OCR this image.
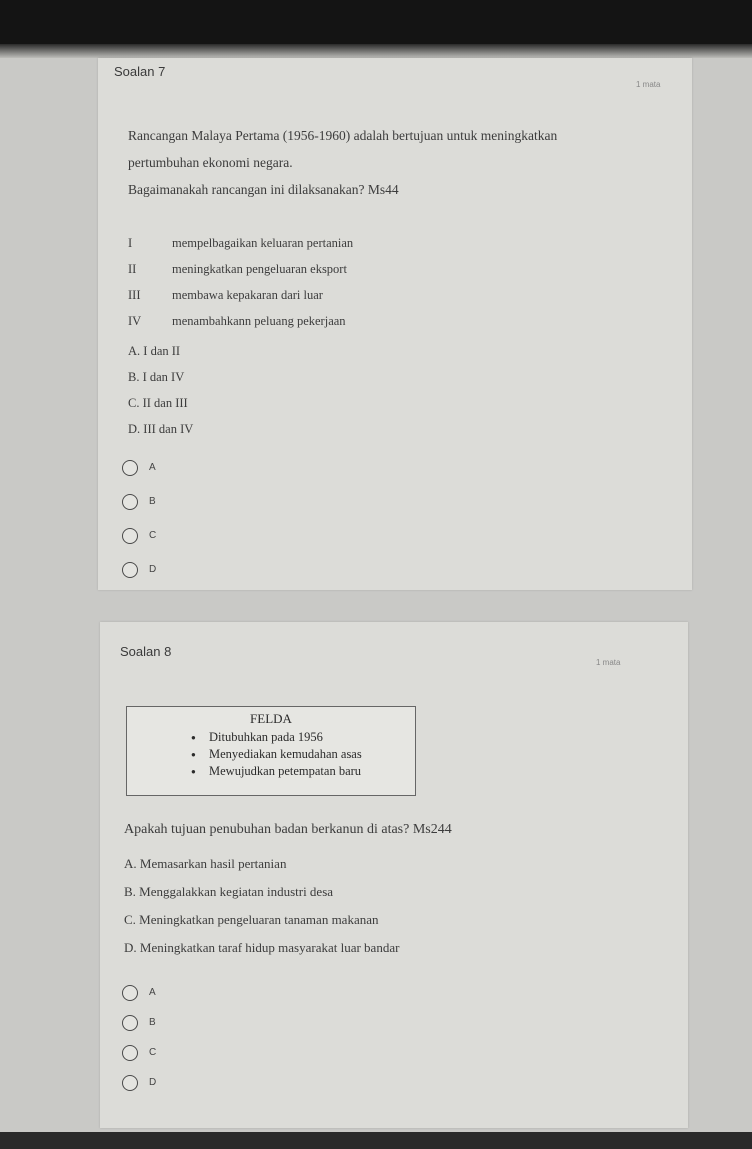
Soalan 7
1 mata
Rancangan Malaya Pertama (1956-1960) adalah bertujuan untuk meningkatkan
pertumbuhan ekonomi negara.
Bagaimanakah rancangan ini dilaksanakan? Ms44
I	mempelbagaikan keluaran pertanian
II	meningkatkan pengeluaran eksport
III	membawa kepakaran dari luar
IV	menambahkann peluang pekerjaan
A. I dan II
B. I dan IV
C. II dan III
D. III dan IV
A
B
C
D
Soalan 8
1 mata
FELDA
● Ditubuhkan pada 1956
● Menyediakan kemudahan asas
● Mewujudkan petempatan baru
Apakah tujuan penubuhan badan berkanun di atas? Ms244
A. Memasarkan hasil pertanian
B. Menggalakkan kegiatan industri desa
C. Meningkatkan pengeluaran tanaman makanan
D. Meningkatkan taraf hidup masyarakat luar bandar
A
B
C
D
